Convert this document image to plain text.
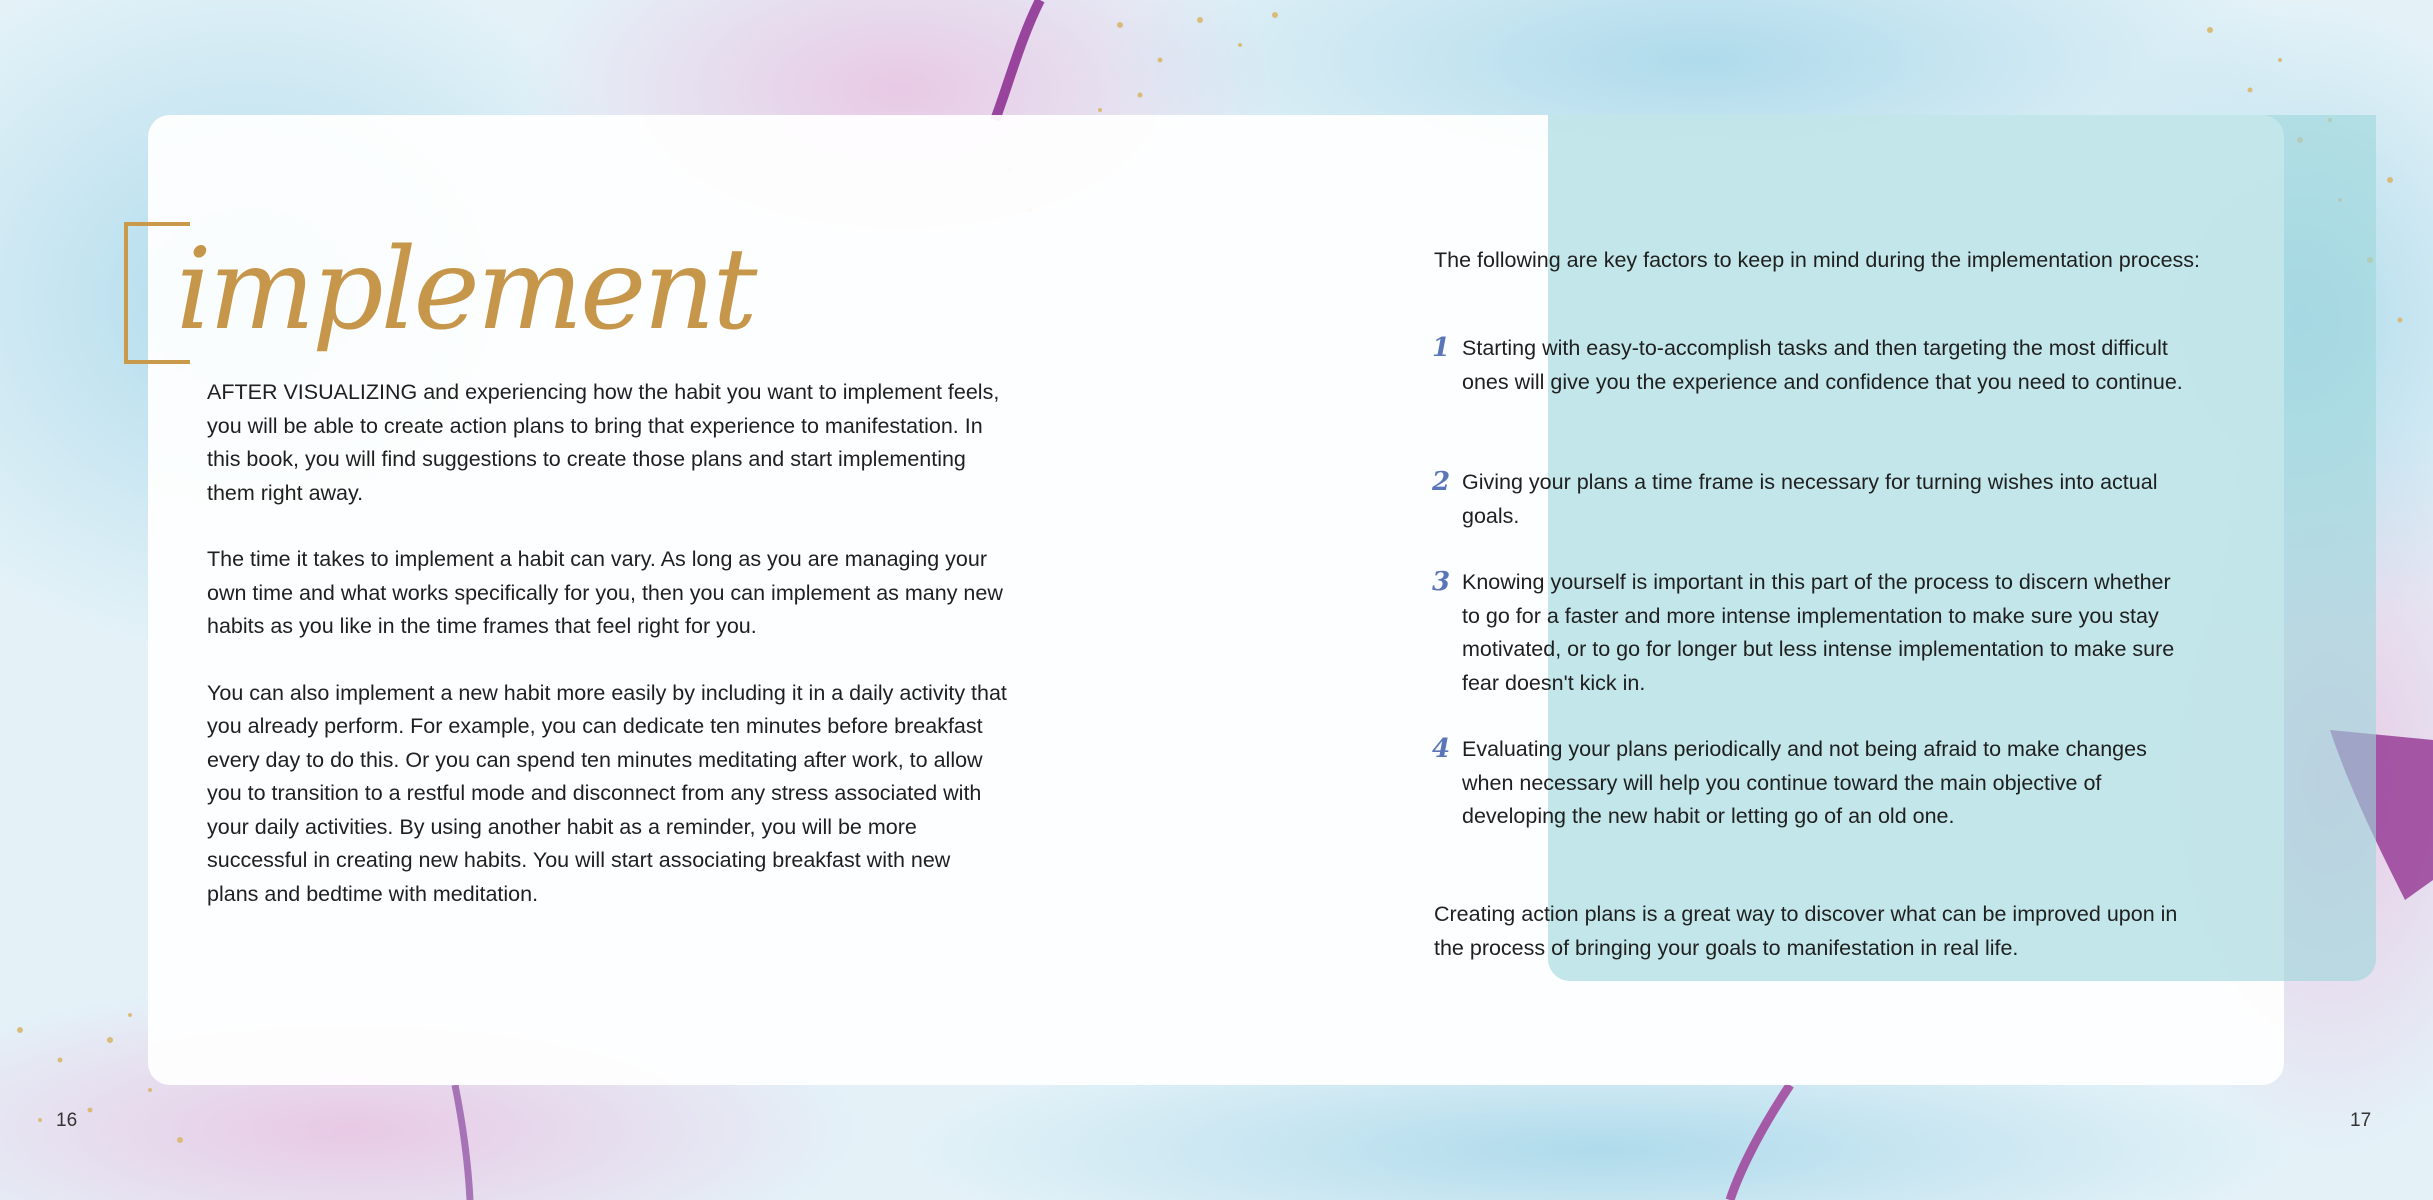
implement

AFTER VISUALIZING and experiencing how the habit you want to implement feels, you will be able to create action plans to bring that experience to manifestation. In this book, you will find suggestions to create those plans and start implementing them right away.

The time it takes to implement a habit can vary. As long as you are managing your own time and what works specifically for you, then you can implement as many new habits as you like in the time frames that feel right for you.

You can also implement a new habit more easily by including it in a daily activity that you already perform. For example, you can dedicate ten minutes before breakfast every day to do this. Or you can spend ten minutes meditating after work, to allow you to transition to a restful mode and disconnect from any stress associated with your daily activities. By using another habit as a reminder, you will be more successful in creating new habits. You will start associating breakfast with new plans and bedtime with meditation.

The following are key factors to keep in mind during the implementation process:
1 Starting with easy-to-accomplish tasks and then targeting the most difficult ones will give you the experience and confidence that you need to continue.
2 Giving your plans a time frame is necessary for turning wishes into actual goals.
3 Knowing yourself is important in this part of the process to discern whether to go for a faster and more intense implementation to make sure you stay motivated, or to go for longer but less intense implementation to make sure fear doesn't kick in.
4 Evaluating your plans periodically and not being afraid to make changes when necessary will help you continue toward the main objective of developing the new habit or letting go of an old one.
Creating action plans is a great way to discover what can be improved upon in the process of bringing your goals to manifestation in real life.
16	17
